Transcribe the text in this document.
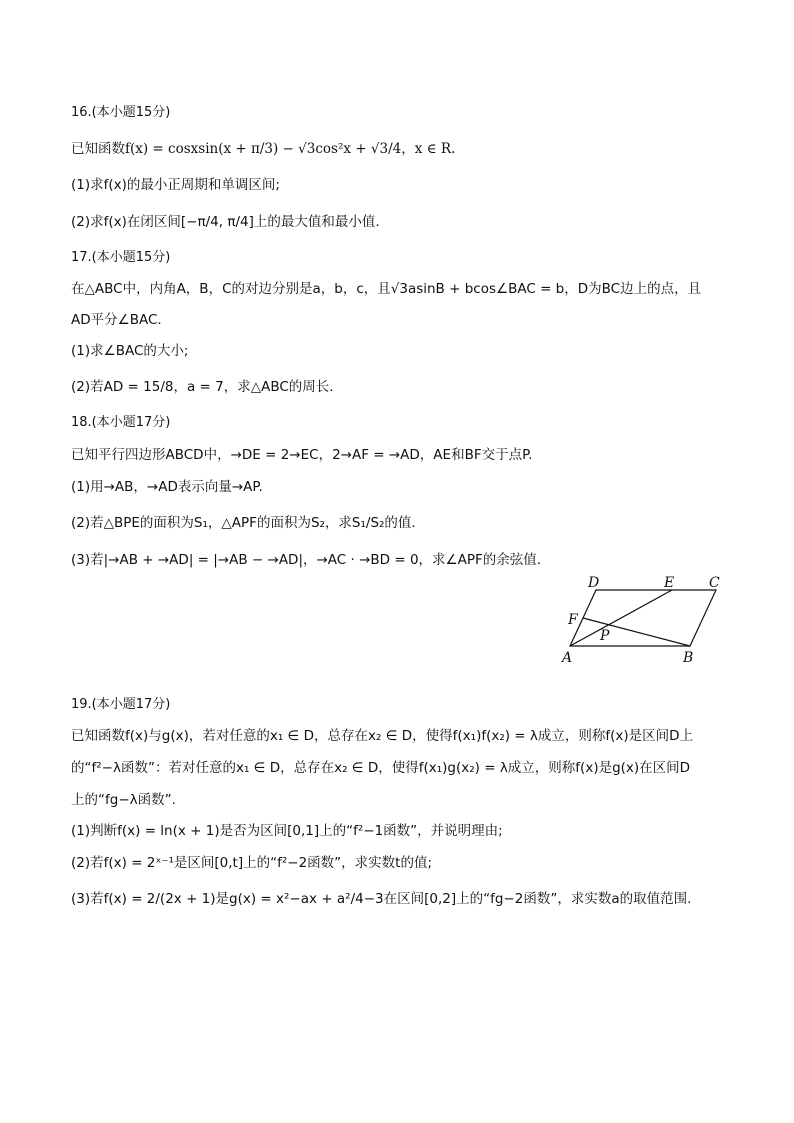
16.(本小题15分)
已知函数f(x) = cosxsin(x + π/3) − √3cos²x + √3/4，x ∈ R.
(1)求f(x)的最小正周期和单调区间;
(2)求f(x)在闭区间[−π/4, π/4]上的最大值和最小值.
17.(本小题15分)
在△ABC中，内角A，B，C的对边分别是a，b，c，且√3asinB + bcos∠BAC = b，D为BC边上的点，且
AD平分∠BAC.
(1)求∠BAC的大小;
(2)若AD = 15/8，a = 7，求△ABC的周长.
18.(本小题17分)
已知平行四边形ABCD中，→DE = 2→EC，2→AF = →AD，AE和BF交于点P.
(1)用→AB，→AD表示向量→AP.
(2)若△BPE的面积为S₁，△APF的面积为S₂，求S₁/S₂的值.
(3)若|→AB + →AD| = |→AB − →AD|，→AC · →BD = 0，求∠APF的余弦值.
D	E C
F
P
A	B
19.(本小题17分)
已知函数f(x)与g(x)，若对任意的x₁ ∈ D，总存在x₂ ∈ D，使得f(x₁)f(x₂) = λ成立，则称f(x)是区间D上
的“f²−λ函数”：若对任意的x₁ ∈ D，总存在x₂ ∈ D，使得f(x₁)g(x₂) = λ成立，则称f(x)是g(x)在区间D
上的“fg−λ函数”.
(1)判断f(x) = ln(x + 1)是否为区间[0,1]上的“f²−1函数”，并说明理由;
(2)若f(x) = 2ˣ⁻¹是区间[0,t]上的“f²−2函数”，求实数t的值;
(3)若f(x) = 2/(2x + 1)是g(x) = x²−ax + a²/4−3在区间[0,2]上的“fg−2函数”，求实数a的取值范围.
